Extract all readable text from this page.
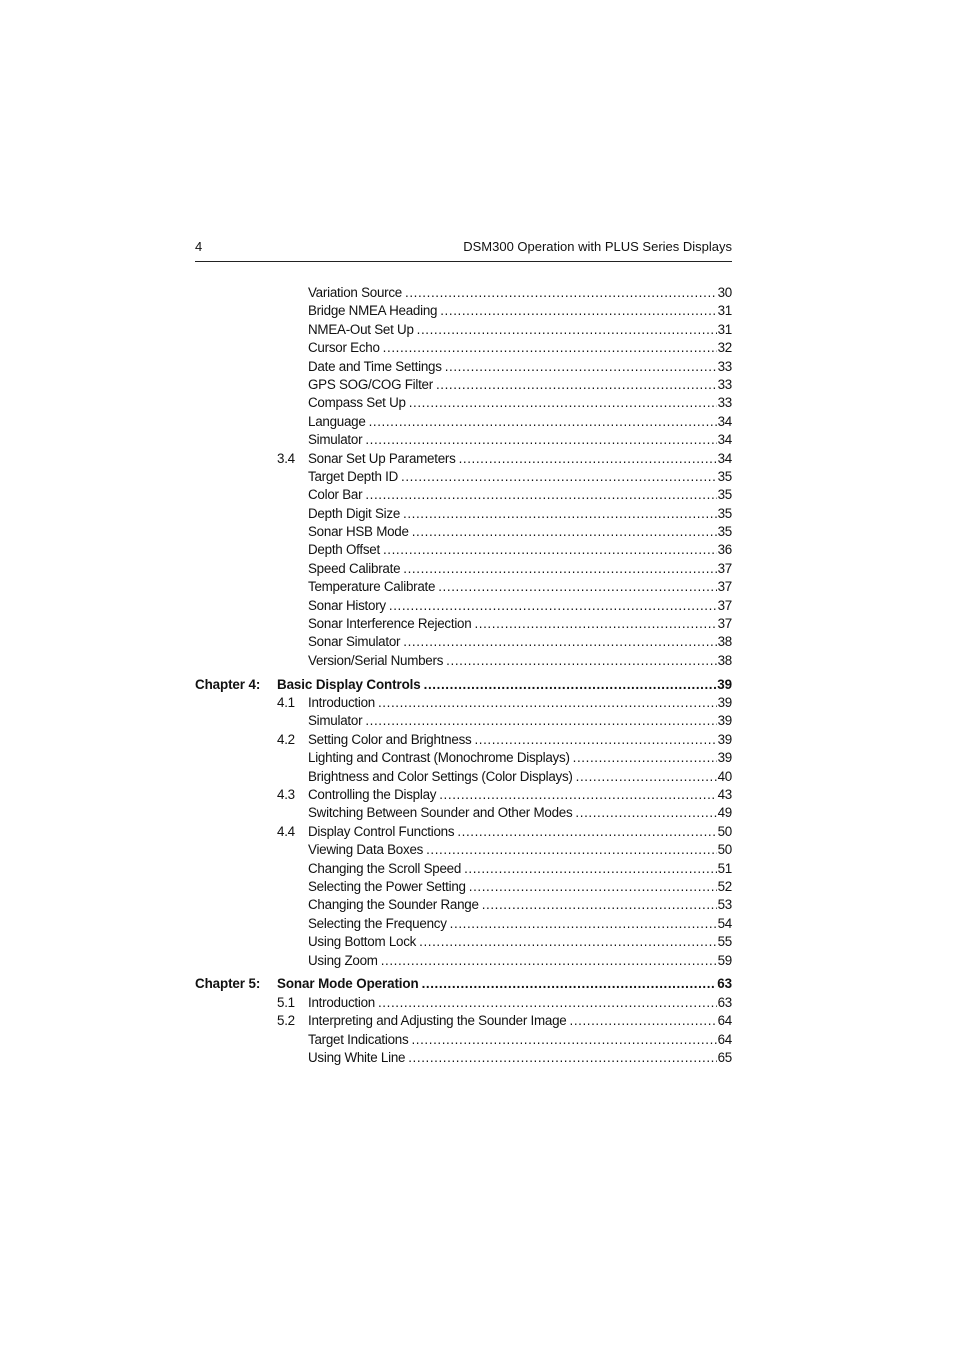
4	DSM300 Operation with PLUS Series Displays
Variation Source .....	30
Bridge NMEA Heading .....	31
NMEA-Out Set Up .....	31
Cursor Echo .....	32
Date and Time Settings .....	33
GPS SOG/COG Filter .....	33
Compass Set Up .....	33
Language .....	34
Simulator .....	34
3.4 Sonar Set Up Parameters .....	34
Target Depth ID .....	35
Color Bar .....	35
Depth Digit Size .....	35
Sonar HSB Mode .....	35
Depth Offset .....	36
Speed Calibrate .....	37
Temperature Calibrate .....	37
Sonar History .....	37
Sonar Interference Rejection .....	37
Sonar Simulator .....	38
Version/Serial Numbers .....	38
Chapter 4:	Basic Display Controls .....	39
4.1 Introduction .....	39
Simulator .....	39
4.2 Setting Color and Brightness .....	39
Lighting and Contrast (Monochrome Displays) .....	39
Brightness and Color Settings (Color Displays) .....	40
4.3 Controlling the Display .....	43
Switching Between Sounder and Other Modes .....	49
4.4 Display Control Functions .....	50
Viewing Data Boxes .....	50
Changing the Scroll Speed .....	51
Selecting the Power Setting .....	52
Changing the Sounder Range .....	53
Selecting the Frequency .....	54
Using Bottom Lock .....	55
Using Zoom .....	59
Chapter 5:	Sonar Mode Operation .....	63
5.1 Introduction .....	63
5.2 Interpreting and Adjusting the Sounder Image .....	64
Target Indications .....	64
Using White Line .....	65
